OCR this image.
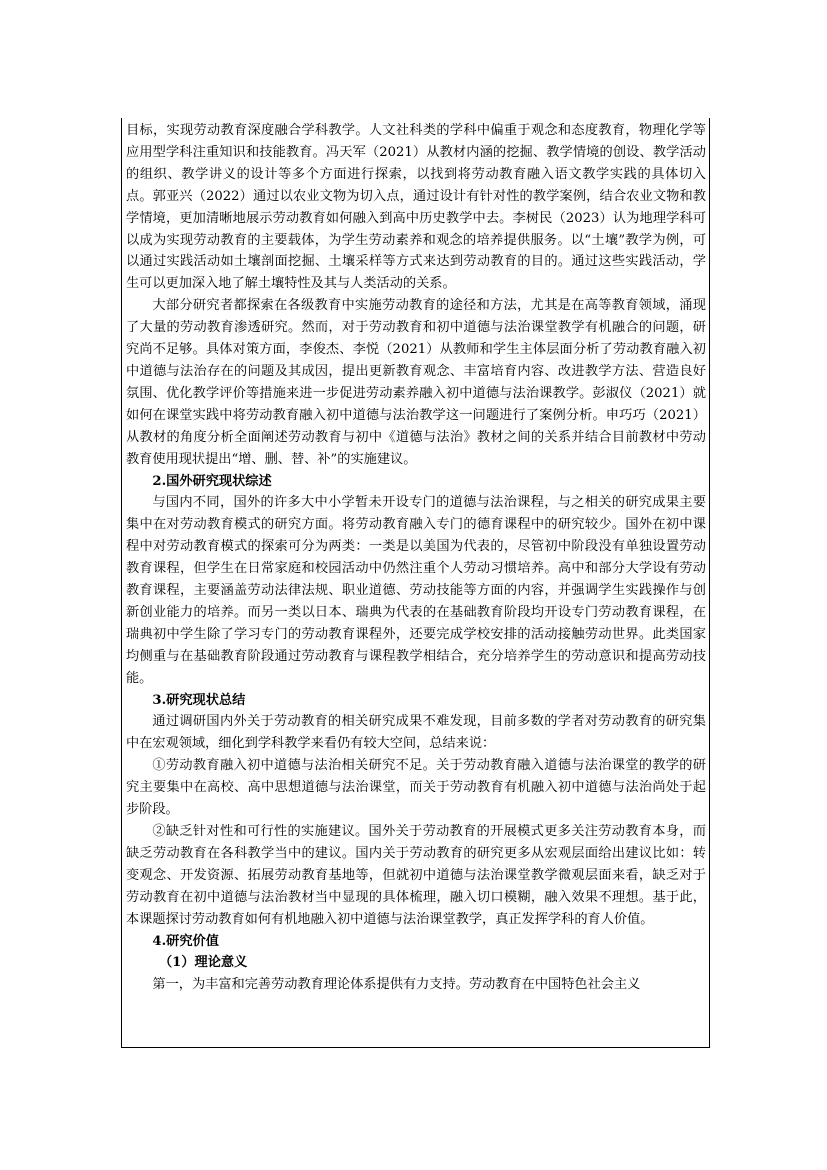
目标，实现劳动教育深度融合学科教学。人文社科类的学科中偏重于观念和态度教育，物理化学等应用型学科注重知识和技能教育。冯天军（2021）从教材内涵的挖掘、教学情境的创设、教学活动的组织、教学讲义的设计等多个方面进行探索，以找到将劳动教育融入语文教学实践的具体切入点。郭亚兴（2022）通过以农业文物为切入点，通过设计有针对性的教学案例，结合农业文物和教学情境，更加清晰地展示劳动教育如何融入到高中历史教学中去。李树民（2023）认为地理学科可以成为实现劳动教育的主要载体，为学生劳动素养和观念的培养提供服务。以“土壤”教学为例，可以通过实践活动如土壤剖面挖掘、土壤采样等方式来达到劳动教育的目的。通过这些实践活动，学生可以更加深入地了解土壤特性及其与人类活动的关系。

大部分研究者都探索在各级教育中实施劳动教育的途径和方法，尤其是在高等教育领域，涌现了大量的劳动教育渗透研究。然而，对于劳动教育和初中道德与法治课堂教学有机融合的问题，研究尚不足够。具体对策方面，李俊杰、李悦（2021）从教师和学生主体层面分析了劳动教育融入初中道德与法治存在的问题及其成因，提出更新教育观念、丰富培育内容、改进教学方法、营造良好氛围、优化教学评价等措施来进一步促进劳动素养融入初中道德与法治课教学。彭淑仪（2021）就如何在课堂实践中将劳动教育融入初中道德与法治教学这一问题进行了案例分析。申巧巧（2021）从教材的角度分析全面阐述劳动教育与初中《道德与法治》教材之间的关系并结合目前教材中劳动教育使用现状提出“增、删、替、补”的实施建议。

2.国外研究现状综述

与国内不同，国外的许多大中小学暂未开设专门的道德与法治课程，与之相关的研究成果主要集中在对劳动教育模式的研究方面。将劳动教育融入专门的德育课程中的研究较少。国外在初中课程中对劳动教育模式的探索可分为两类：一类是以美国为代表的，尽管初中阶段没有单独设置劳动教育课程，但学生在日常家庭和校园活动中仍然注重个人劳动习惯培养。高中和部分大学设有劳动教育课程，主要涵盖劳动法律法规、职业道德、劳动技能等方面的内容，并强调学生实践操作与创新创业能力的培养。而另一类以日本、瑞典为代表的在基础教育阶段均开设专门劳动教育课程，在瑞典初中学生除了学习专门的劳动教育课程外，还要完成学校安排的活动接触劳动世界。此类国家均侧重与在基础教育阶段通过劳动教育与课程教学相结合，充分培养学生的劳动意识和提高劳动技能。

3.研究现状总结

通过调研国内外关于劳动教育的相关研究成果不难发现，目前多数的学者对劳动教育的研究集中在宏观领域，细化到学科教学来看仍有较大空间，总结来说：

①劳动教育融入初中道德与法治相关研究不足。关于劳动教育融入道德与法治课堂的教学的研究主要集中在高校、高中思想道德与法治课堂，而关于劳动教育有机融入初中道德与法治尚处于起步阶段。

②缺乏针对性和可行性的实施建议。国外关于劳动教育的开展模式更多关注劳动教育本身，而缺乏劳动教育在各科教学当中的建议。国内关于劳动教育的研究更多从宏观层面给出建议比如：转变观念、开发资源、拓展劳动教育基地等，但就初中道德与法治课堂教学微观层面来看，缺乏对于劳动教育在初中道德与法治教材当中显现的具体梳理，融入切口模糊，融入效果不理想。基于此，本课题探讨劳动教育如何有机地融入初中道德与法治课堂教学，真正发挥学科的育人价值。

4.研究价值

（1）理论意义

第一，为丰富和完善劳动教育理论体系提供有力支持。劳动教育在中国特色社会主义
